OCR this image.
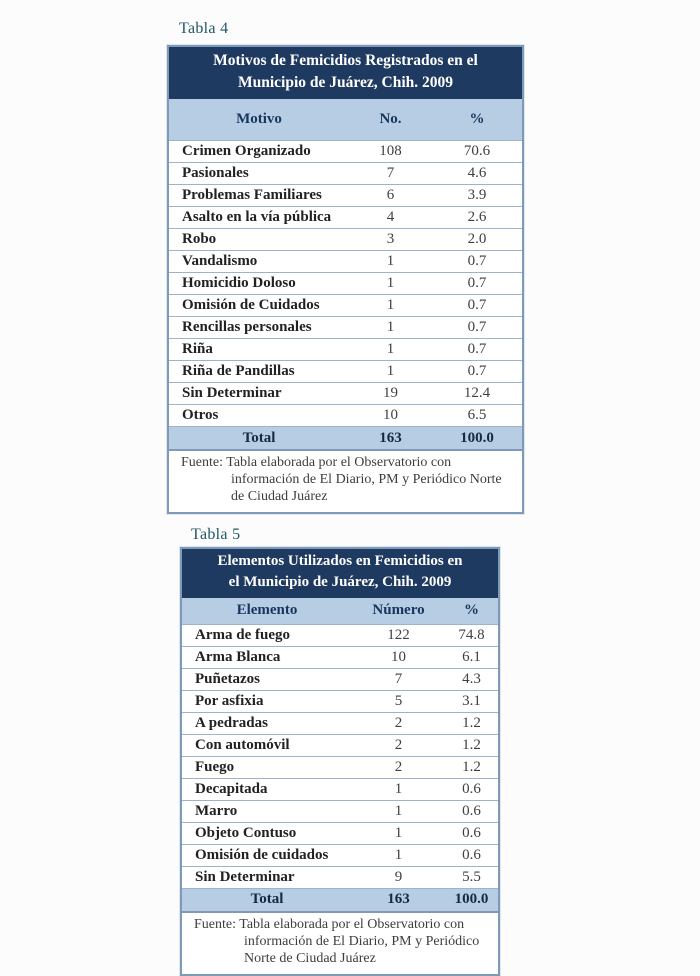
Tabla 4
Motivos de Femicidios Registrados en el
Municipio de Juárez, Chih. 2009
Motivo	No.	%
Crimen Organizado	108	70.6
Pasionales	7	4.6
Problemas Familiares	6	3.9
Asalto en la vía pública	4	2.6
Robo	3	2.0
Vandalismo	1	0.7
Homicidio Doloso	1	0.7
Omisión de Cuidados	1	0.7
Rencillas personales	1	0.7
Riña	1	0.7
Riña de Pandillas	1	0.7
Sin Determinar	19	12.4
Otros	10	6.5
Total	163	100.0
Fuente: Tabla elaborada por el Observatorio con
información de El Diario, PM y Periódico Norte
de Ciudad Juárez
Tabla 5
Elementos Utilizados en Femicidios en
el Municipio de Juárez, Chih. 2009
Elemento	Número	%
Arma de fuego	122	74.8
Arma Blanca	10	6.1
Puñetazos	7	4.3
Por asfixia	5	3.1
A pedradas	2	1.2
Con automóvil	2	1.2
Fuego	2	1.2
Decapitada	1	0.6
Marro	1	0.6
Objeto Contuso	1	0.6
Omisión de cuidados	1	0.6
Sin Determinar	9	5.5
Total	163	100.0
Fuente: Tabla elaborada por el Observatorio con
información de El Diario, PM y Periódico
Norte de Ciudad Juárez
